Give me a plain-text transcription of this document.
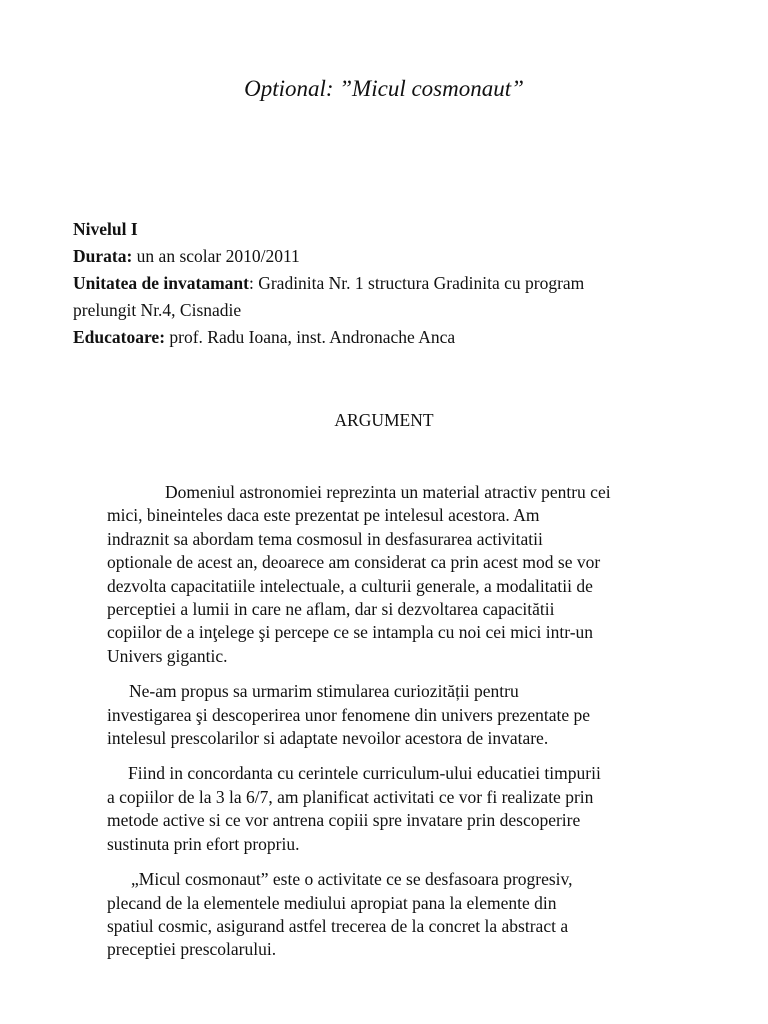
Optional: ”Micul cosmonaut”
Nivelul I
Durata: un an scolar 2010/2011
Unitatea de invatamant: Gradinita Nr. 1 structura Gradinita cu program
prelungit Nr.4, Cisnadie
Educatoare: prof. Radu Ioana, inst. Andronache Anca
ARGUMENT
Domeniul astronomiei reprezinta un material atractiv pentru cei
mici, bineinteles daca este prezentat pe intelesul acestora. Am
indraznit sa abordam tema cosmosul in desfasurarea activitatii
optionale de acest an, deoarece am considerat ca prin acest mod se vor
dezvolta capacitatiile intelectuale, a culturii generale, a modalitatii de
perceptiei a lumii in care ne aflam, dar si dezvoltarea capacitătii
copiilor de a inţelege şi percepe ce se intampla cu noi cei mici intr-un
Univers gigantic.
Ne-am propus sa urmarim stimularea curiozității pentru
investigarea şi descoperirea unor fenomene din univers prezentate pe
intelesul prescolarilor si adaptate nevoilor acestora de invatare.
Fiind in concordanta cu cerintele curriculum-ului educatiei timpurii
a copiilor de la 3 la 6/7, am planificat activitati ce vor fi realizate prin
metode active si ce vor antrena copiii spre invatare prin descoperire
sustinuta prin efort propriu.
„Micul cosmonaut” este o activitate ce se desfasoara progresiv,
plecand de la elementele mediului apropiat pana la elemente din
spatiul cosmic, asigurand astfel trecerea de la concret la abstract a
preceptiei prescolarului.
